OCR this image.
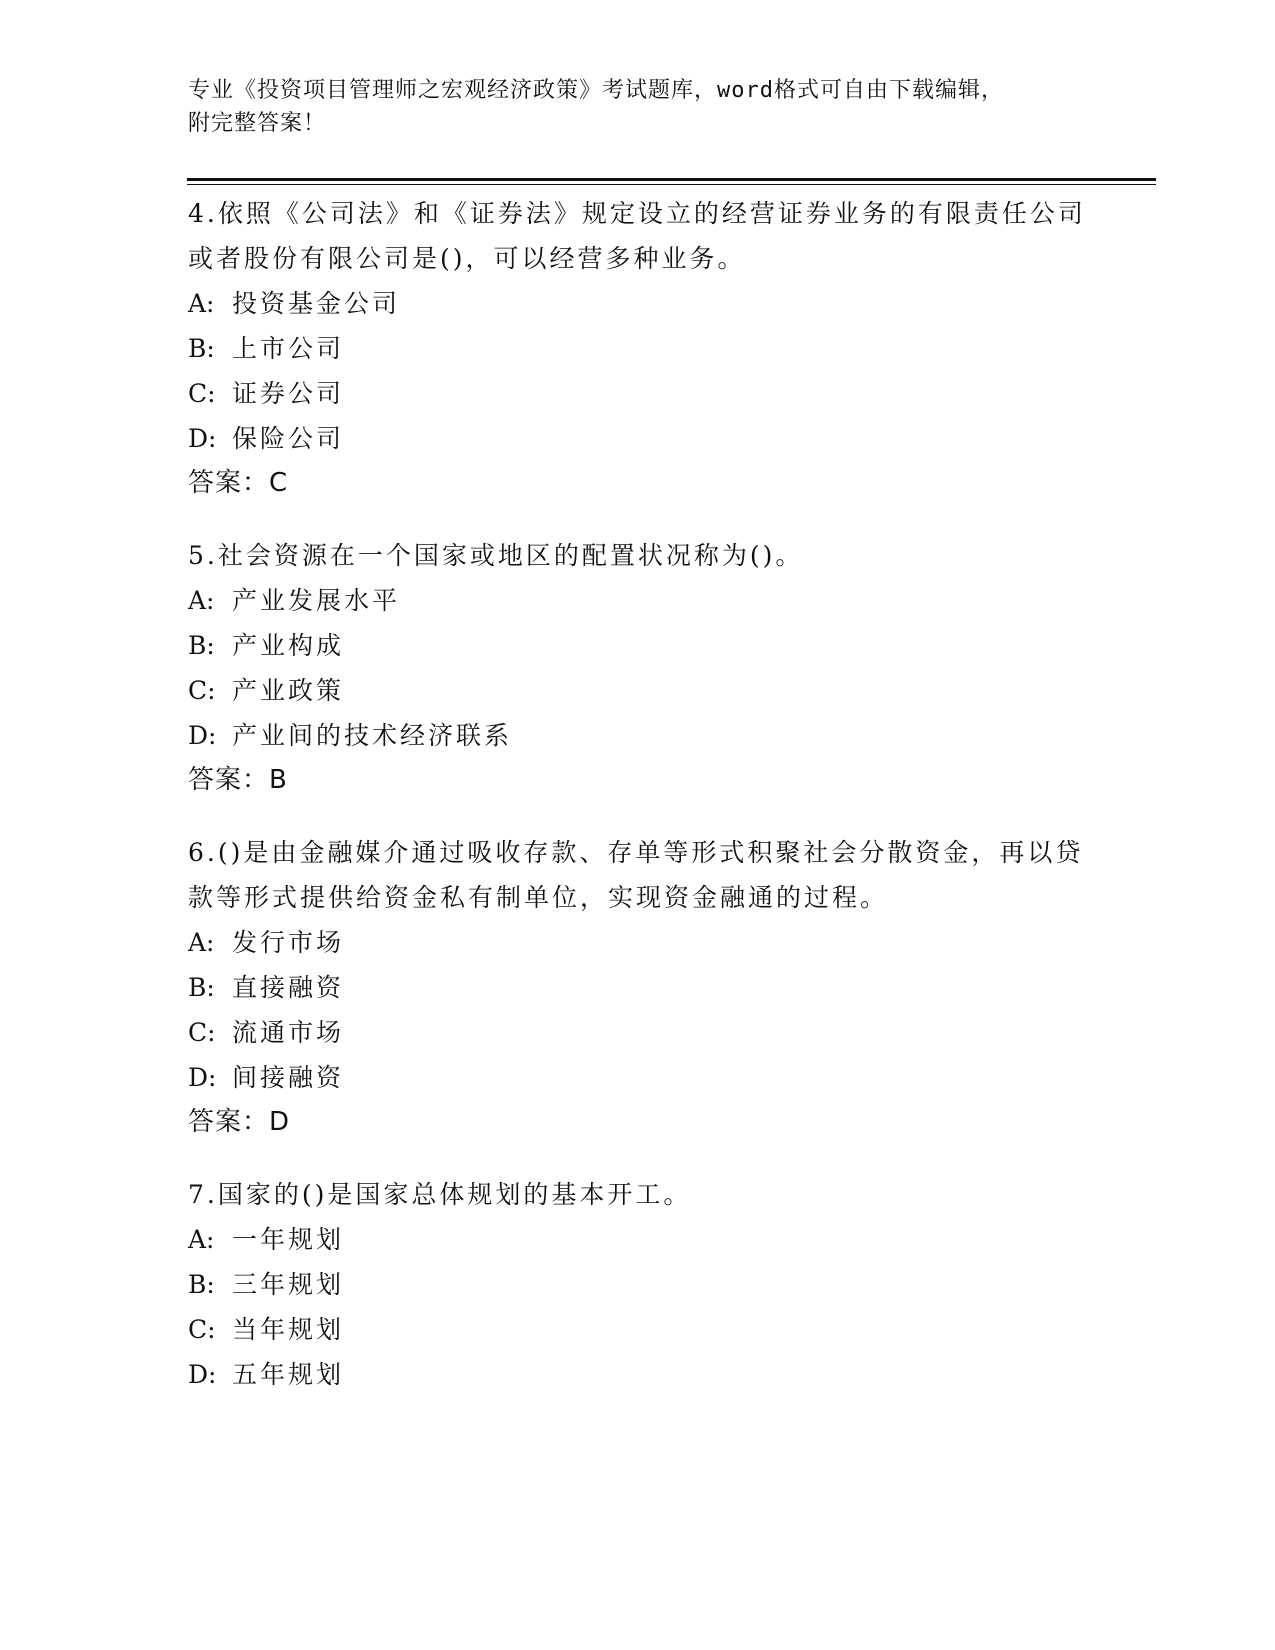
专业《投资项目管理师之宏观经济政策》考试题库，word格式可自由下载编辑，
附完整答案！

4.依照《公司法》和《证券法》规定设立的经营证券业务的有限责任公司或者股份有限公司是()，可以经营多种业务。

A: 投资基金公司
B: 上市公司
C: 证券公司
D: 保险公司
答案：C

5.社会资源在一个国家或地区的配置状况称为()。

A: 产业发展水平
B: 产业构成
C: 产业政策
D: 产业间的技术经济联系
答案：B

6.()是由金融媒介通过吸收存款、存单等形式积聚社会分散资金，再以贷款等形式提供给资金私有制单位，实现资金融通的过程。

A: 发行市场
B: 直接融资
C: 流通市场
D: 间接融资
答案：D

7.国家的()是国家总体规划的基本开工。

A: 一年规划
B: 三年规划
C: 当年规划
D: 五年规划
